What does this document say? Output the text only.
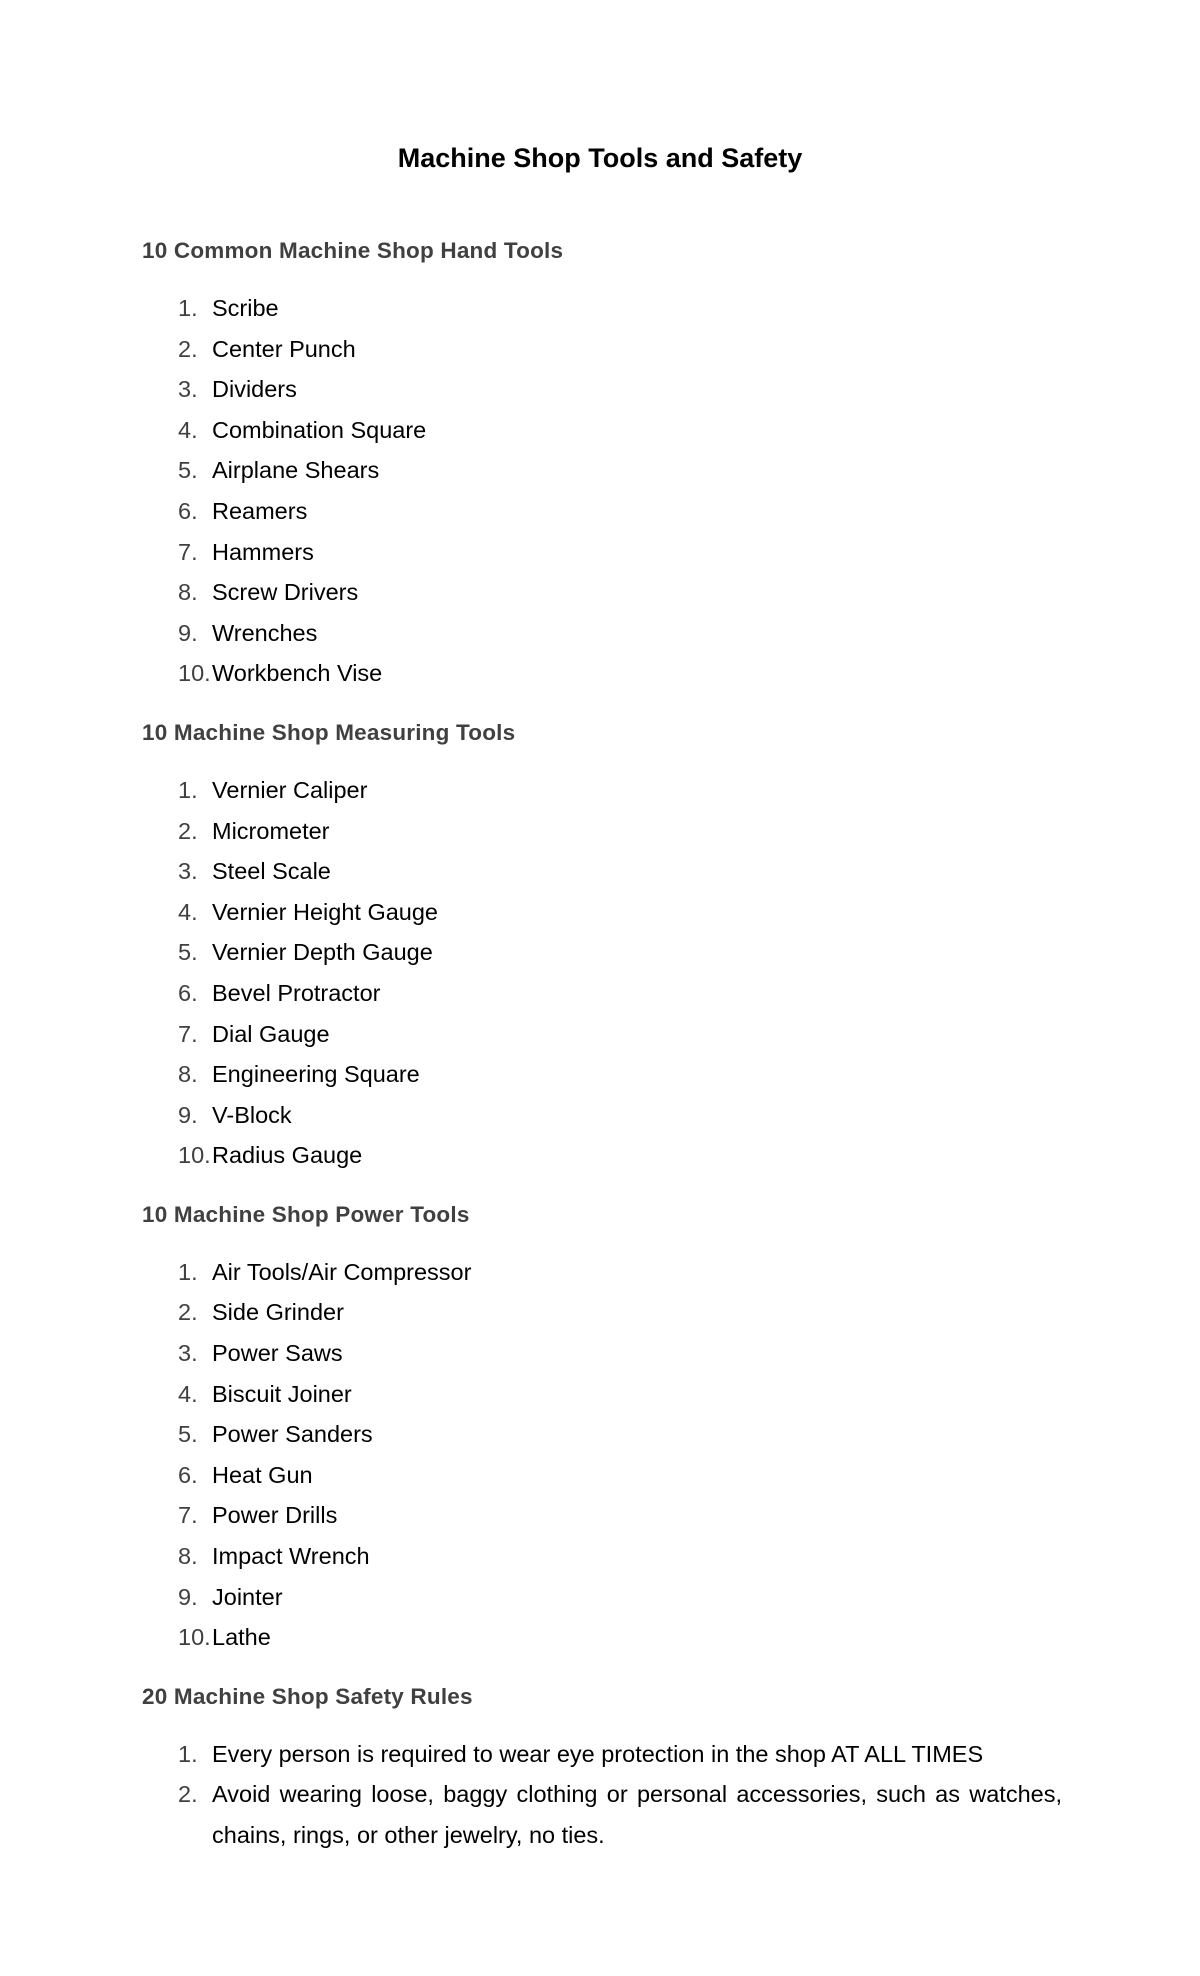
Machine Shop Tools and Safety
10 Common Machine Shop Hand Tools
1. Scribe
2. Center Punch
3. Dividers
4. Combination Square
5. Airplane Shears
6. Reamers
7. Hammers
8. Screw Drivers
9. Wrenches
10. Workbench Vise
10 Machine Shop Measuring Tools
1. Vernier Caliper
2. Micrometer
3. Steel Scale
4. Vernier Height Gauge
5. Vernier Depth Gauge
6. Bevel Protractor
7. Dial Gauge
8. Engineering Square
9. V-Block
10. Radius Gauge
10 Machine Shop Power Tools
1. Air Tools/Air Compressor
2. Side Grinder
3. Power Saws
4. Biscuit Joiner
5. Power Sanders
6. Heat Gun
7. Power Drills
8. Impact Wrench
9. Jointer
10. Lathe
20 Machine Shop Safety Rules
1. Every person is required to wear eye protection in the shop AT ALL TIMES
2. Avoid wearing loose, baggy clothing or personal accessories, such as watches, chains, rings, or other jewelry, no ties.
